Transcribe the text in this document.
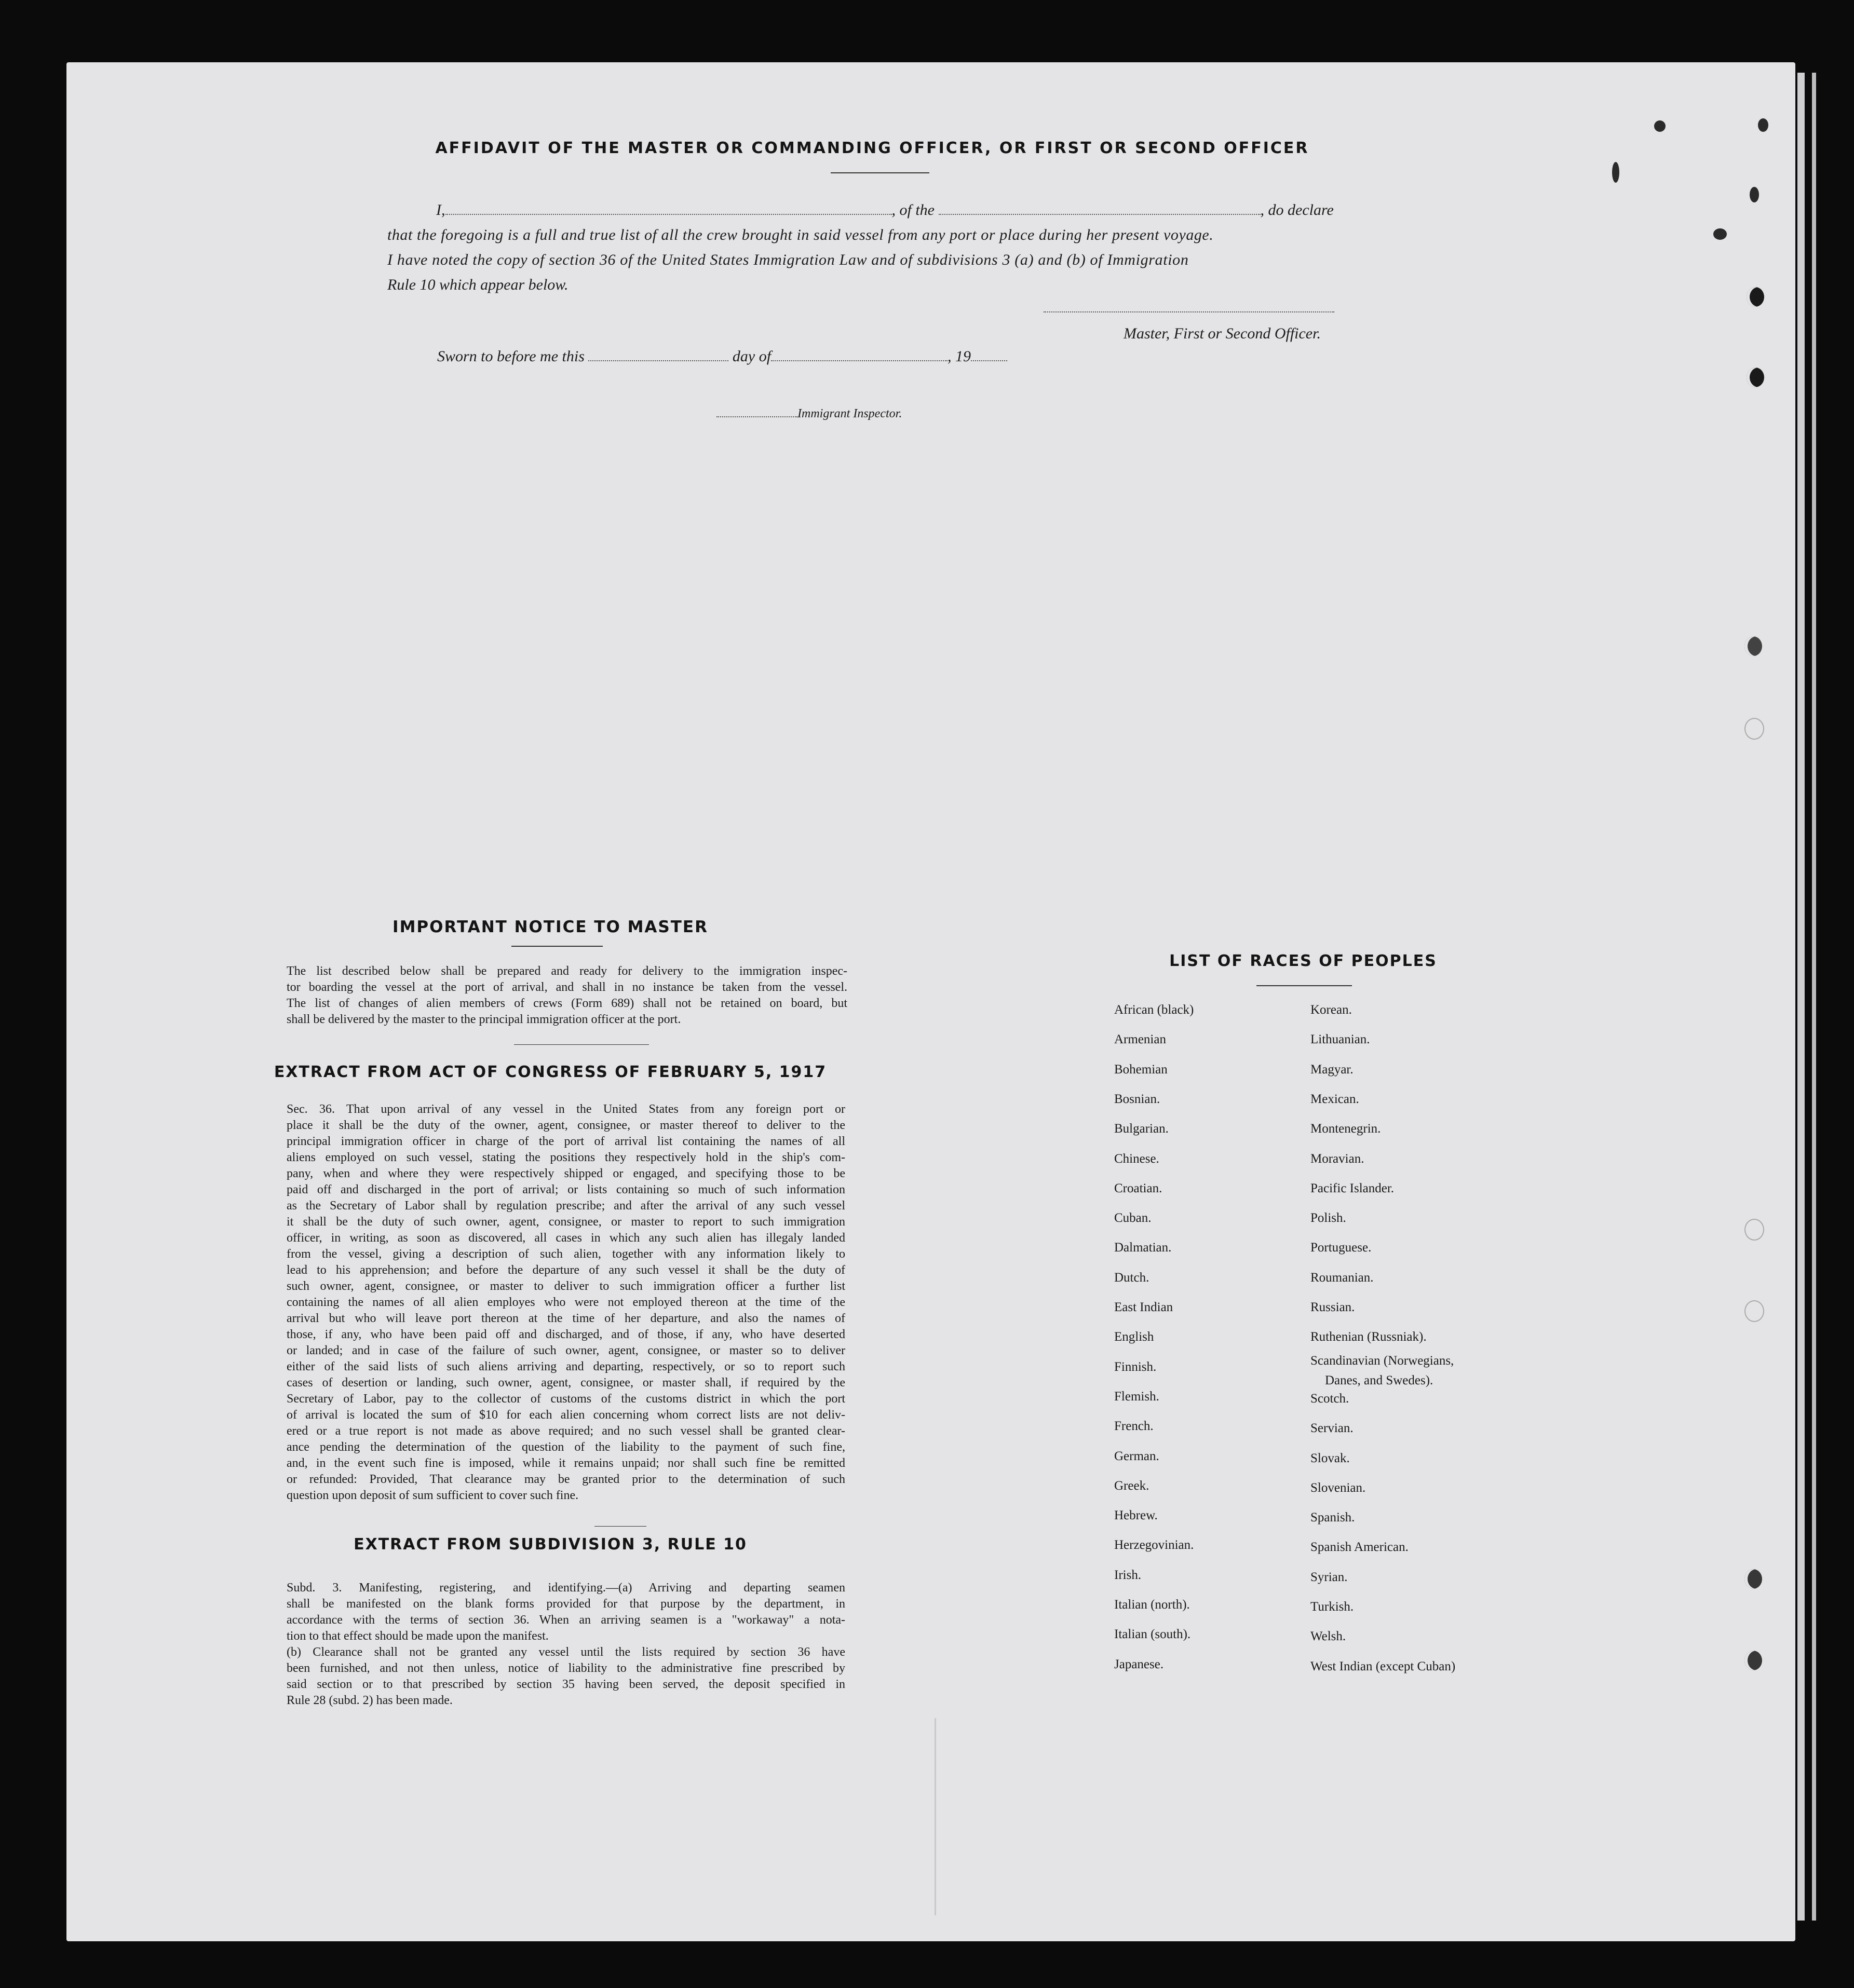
AFFIDAVIT OF THE MASTER OR COMMANDING OFFICER, OR FIRST OR SECOND OFFICER
I,	, of the	, do declare
that the foregoing is a full and true list of all the crew brought in said vessel from any port or place during her present voyage.
I have noted the copy of section 36 of the United States Immigration Law and of subdivisions 3 (a) and (b) of Immigration
Rule 10 which appear below.
Master, First or Second Officer.
Sworn to before me this	day of	, 19
Immigrant Inspector.
IMPORTANT NOTICE TO MASTER
The list described below shall be prepared and ready for delivery to the immigration inspec-
tor boarding the vessel at the port of arrival, and shall in no instance be taken from the vessel.
The list of changes of alien members of crews (Form 689) shall not be retained on board, but
shall be delivered by the master to the principal immigration officer at the port.
EXTRACT FROM ACT OF CONGRESS OF FEBRUARY 5, 1917
Sec. 36. That upon arrival of any vessel in the United States from any foreign port or
place it shall be the duty of the owner, agent, consignee, or master thereof to deliver to the
principal immigration officer in charge of the port of arrival list containing the names of all
aliens employed on such vessel, stating the positions they respectively hold in the ship's com-
pany, when and where they were respectively shipped or engaged, and specifying those to be
paid off and discharged in the port of arrival; or lists containing so much of such information
as the Secretary of Labor shall by regulation prescribe; and after the arrival of any such vessel
it shall be the duty of such owner, agent, consignee, or master to report to such immigration
officer, in writing, as soon as discovered, all cases in which any such alien has illegaly landed
from the vessel, giving a description of such alien, together with any information likely to
lead to his apprehension; and before the departure of any such vessel it shall be the duty of
such owner, agent, consignee, or master to deliver to such immigration officer a further list
containing the names of all alien employes who were not employed thereon at the time of the
arrival but who will leave port thereon at the time of her departure, and also the names of
those, if any, who have been paid off and discharged, and of those, if any, who have deserted
or landed; and in case of the failure of such owner, agent, consignee, or master so to deliver
either of the said lists of such aliens arriving and departing, respectively, or so to report such
cases of desertion or landing, such owner, agent, consignee, or master shall, if required by the
Secretary of Labor, pay to the collector of customs of the customs district in which the port
of arrival is located the sum of $10 for each alien concerning whom correct lists are not deliv-
ered or a true report is not made as above required; and no such vessel shall be granted clear-
ance pending the determination of the question of the liability to the payment of such fine,
and, in the event such fine is imposed, while it remains unpaid; nor shall such fine be remitted
or refunded: Provided, That clearance may be granted prior to the determination of such
question upon deposit of sum sufficient to cover such fine.
EXTRACT FROM SUBDIVISION 3, RULE 10
Subd. 3. Manifesting, registering, and identifying.—(a) Arriving and departing seamen
shall be manifested on the blank forms provided for that purpose by the department, in
accordance with the terms of section 36. When an arriving seamen is a "workaway" a nota-
tion to that effect should be made upon the manifest.
(b) Clearance shall not be granted any vessel until the lists required by section 36 have
been furnished, and not then unless, notice of liability to the administrative fine prescribed by
said section or to that prescribed by section 35 having been served, the deposit specified in
Rule 28 (subd. 2) has been made.
LIST OF RACES OF PEOPLES
African (black)
Armenian
Bohemian
Bosnian.
Bulgarian.
Chinese.
Croatian.
Cuban.
Dalmatian.
Dutch.
East Indian
English
Finnish.
Flemish.
French.
German.
Greek.
Hebrew.
Herzegovinian.
Irish.
Italian (north).
Italian (south).
Japanese.
Korean.
Lithuanian.
Magyar.
Mexican.
Montenegrin.
Moravian.
Pacific Islander.
Polish.
Portuguese.
Roumanian.
Russian.
Ruthenian (Russniak).
Scandinavian (Norwegians,
Scotch.
Servian.
Slovak.
Slovenian.
Spanish.
Spanish American.
Syrian.
Turkish.
Welsh.
West Indian (except Cuban)
Danes, and Swedes).
